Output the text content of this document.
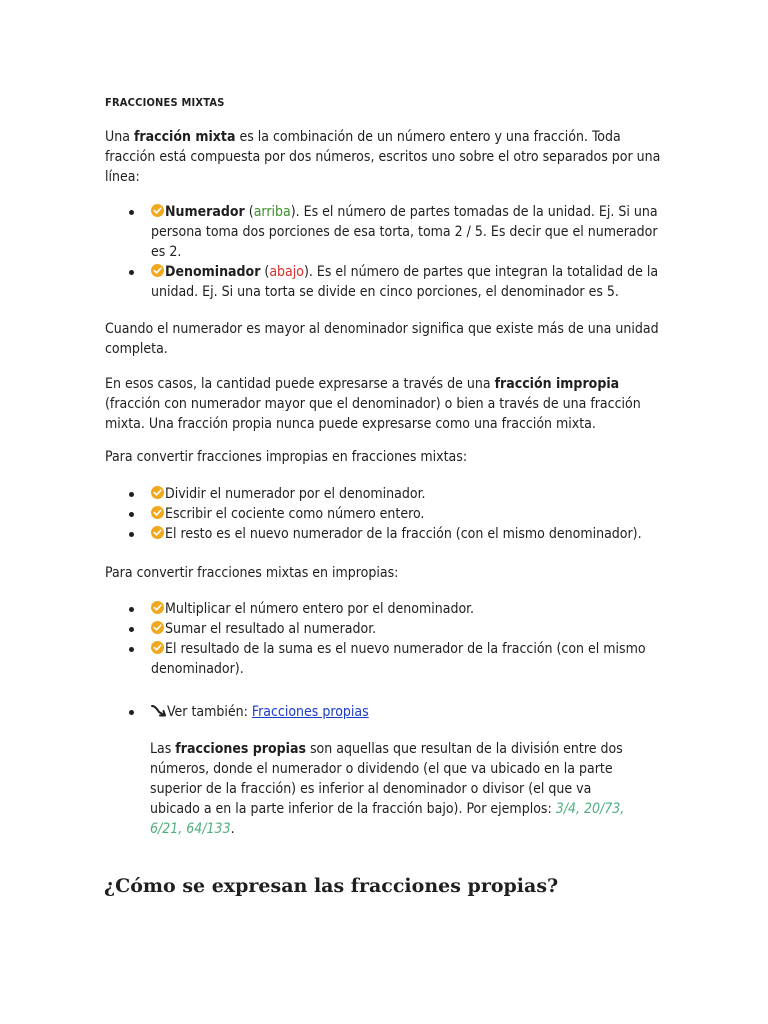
FRACCIONES MIXTAS

Una fracción mixta es la combinación de un número entero y una fracción. Toda fracción está compuesta por dos números, escritos uno sobre el otro separados por una línea:

Numerador (arriba). Es el número de partes tomadas de la unidad. Ej. Si una persona toma dos porciones de esa torta, toma 2 / 5. Es decir que el numerador es 2.
Denominador (abajo). Es el número de partes que integran la totalidad de la unidad. Ej. Si una torta se divide en cinco porciones, el denominador es 5.

Cuando el numerador es mayor al denominador significa que existe más de una unidad completa.

En esos casos, la cantidad puede expresarse a través de una fracción impropia (fracción con numerador mayor que el denominador) o bien a través de una fracción mixta. Una fracción propia nunca puede expresarse como una fracción mixta.

Para convertir fracciones impropias en fracciones mixtas:

Dividir el numerador por el denominador.
Escribir el cociente como número entero.
El resto es el nuevo numerador de la fracción (con el mismo denominador).

Para convertir fracciones mixtas en impropias:

Multiplicar el número entero por el denominador.
Sumar el resultado al numerador.
El resultado de la suma es el nuevo numerador de la fracción (con el mismo denominador).
Ver también: Fracciones propias

Las fracciones propias son aquellas que resultan de la división entre dos números, donde el numerador o dividendo (el que va ubicado en la parte superior de la fracción) es inferior al denominador o divisor (el que va ubicado a en la parte inferior de la fracción bajo). Por ejemplos: 3/4, 20/73, 6/21, 64/133.

¿Cómo se expresan las fracciones propias?
